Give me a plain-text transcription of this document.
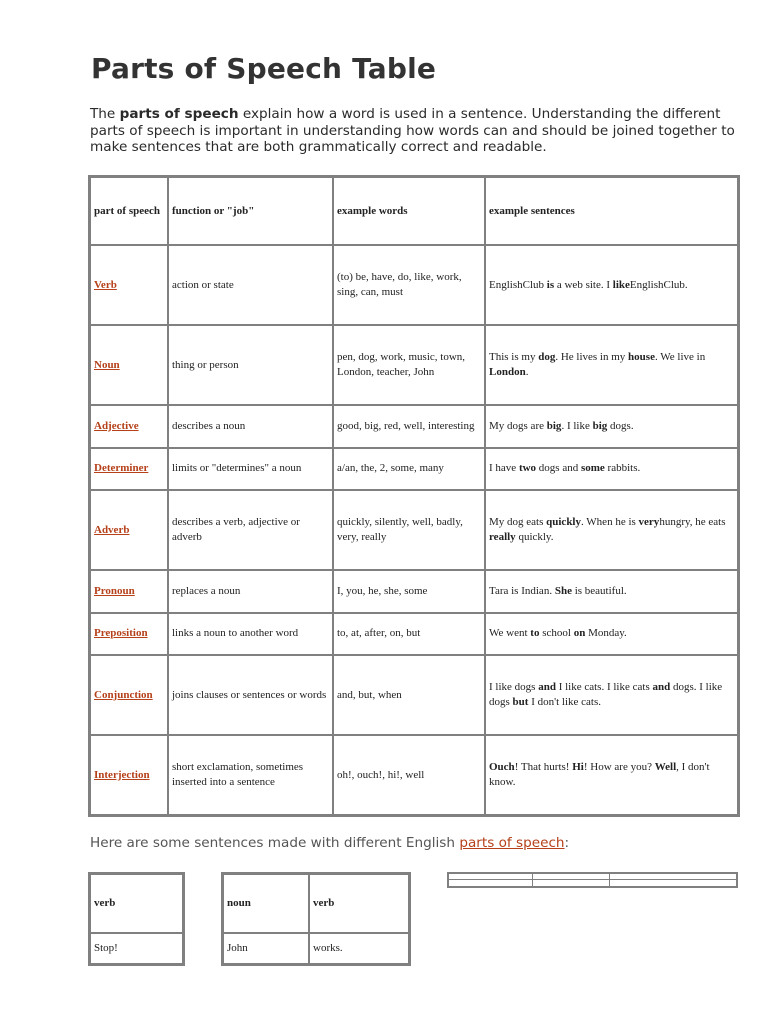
Parts of Speech Table

The parts of speech explain how a word is used in a sentence. Understanding the different parts of speech is important in understanding how words can and should be joined together to make sentences that are both grammatically correct and readable.

part of speech	function or "job"	example words	example sentences
Verb	action or state	(to) be, have, do, like, work, sing, can, must	EnglishClub is a web site. I likeEnglishClub.
Noun	thing or person	pen, dog, work, music, town, London, teacher, John	This is my dog. He lives in my house. We live in London.
Adjective	describes a noun	good, big, red, well, interesting	My dogs are big. I like big dogs.
Determiner	limits or "determines" a noun	a/an, the, 2, some, many	I have two dogs and some rabbits.
Adverb	describes a verb, adjective or adverb	quickly, silently, well, badly, very, really	My dog eats quickly. When he is veryhungry, he eats really quickly.
Pronoun	replaces a noun	I, you, he, she, some	Tara is Indian. She is beautiful.
Preposition	links a noun to another word	to, at, after, on, but	We went to school on Monday.
Conjunction	joins clauses or sentences or words	and, but, when	I like dogs and I like cats. I like cats and dogs. I like dogs but I don't like cats.
Interjection	short exclamation, sometimes inserted into a sentence	oh!, ouch!, hi!, well	Ouch! That hurts! Hi! How are you? Well, I don't know.

Here are some sentences made with different English parts of speech:

verb
Stop!
noun	verb
John	works.
